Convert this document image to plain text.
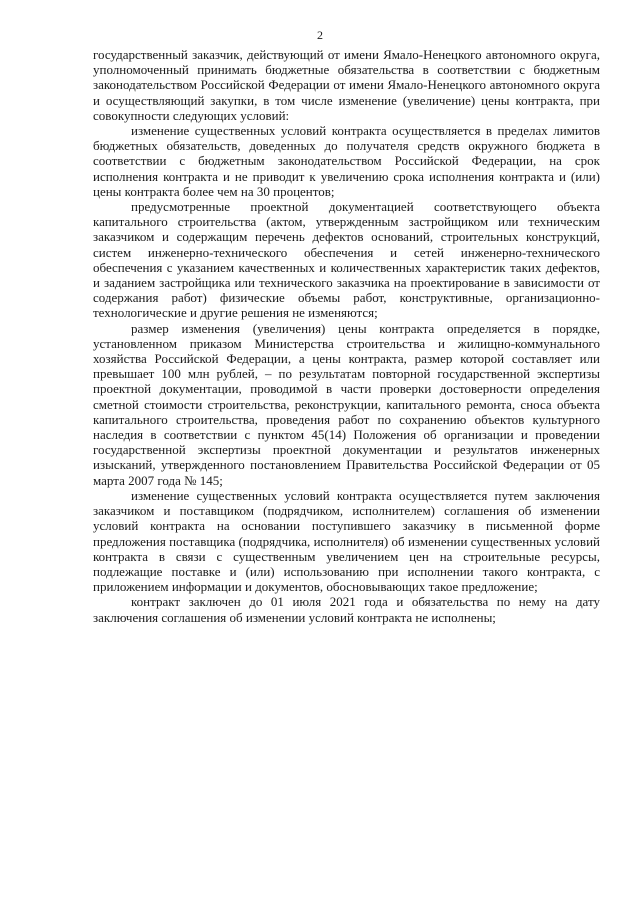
2

государственный заказчик, действующий от имени Ямало-Ненецкого автономного округа, уполномоченный принимать бюджетные обязательства в соответствии с бюджетным законодательством Российской Федерации от имени Ямало-Ненецкого автономного округа и осуществляющий закупки, в том числе изменение (увеличение) цены контракта, при совокупности следующих условий:

изменение существенных условий контракта осуществляется в пределах лимитов бюджетных обязательств, доведенных до получателя средств окружного бюджета в соответствии с бюджетным законодательством Российской Федерации, на срок исполнения контракта и не приводит к увеличению срока исполнения контракта и (или) цены контракта более чем на 30 процентов;

предусмотренные проектной документацией соответствующего объекта капитального строительства (актом, утвержденным застройщиком или техническим заказчиком и содержащим перечень дефектов оснований, строительных конструкций, систем инженерно-технического обеспечения и сетей инженерно-технического обеспечения с указанием качественных и количественных характеристик таких дефектов, и заданием застройщика или технического заказчика на проектирование в зависимости от содержания работ) физические объемы работ, конструктивные, организационно-технологические и другие решения не изменяются;

размер изменения (увеличения) цены контракта определяется в порядке, установленном приказом Министерства строительства и жилищно-коммунального хозяйства Российской Федерации, а цены контракта, размер которой составляет или превышает 100 млн рублей, – по результатам повторной государственной экспертизы проектной документации, проводимой в части проверки достоверности определения сметной стоимости строительства, реконструкции, капитального ремонта, сноса объекта капитального строительства, проведения работ по сохранению объектов культурного наследия в соответствии с пунктом 45(14) Положения об организации и проведении государственной экспертизы проектной документации и результатов инженерных изысканий, утвержденного постановлением Правительства Российской Федерации от 05 марта 2007 года № 145;

изменение существенных условий контракта осуществляется путем заключения заказчиком и поставщиком (подрядчиком, исполнителем) соглашения об изменении условий контракта на основании поступившего заказчику в письменной форме предложения поставщика (подрядчика, исполнителя) об изменении существенных условий контракта в связи с существенным увеличением цен на строительные ресурсы, подлежащие поставке и (или) использованию при исполнении такого контракта, с приложением информации и документов, обосновывающих такое предложение;

контракт заключен до 01 июля 2021 года и обязательства по нему на дату заключения соглашения об изменении условий контракта не исполнены;
